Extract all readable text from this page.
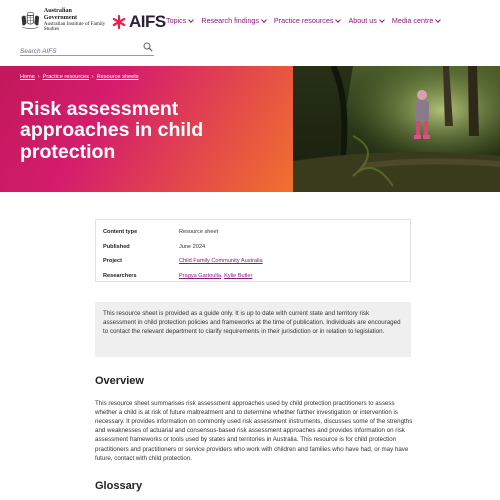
Australian Government
Australian Institute of Family Studies	AIFS Topics Research findings Practice resources About us Media centre
Search AIFS
Home › Practice resources › Resource sheets
Risk assessment approaches in child protection
Content type	Resource sheet
Published	June 2024
Project	Child Family Community Australia
Researchers	Pragya Gartoulla, Kylie Butler
This resource sheet is provided as a guide only. It is up to date with current state and territory risk assessment in child protection policies and frameworks at the time of publication. Individuals are encouraged to contact the relevant department to clarify requirements in their jurisdiction or in relation to legislation.
Overview

This resource sheet summarises risk assessment approaches used by child protection practitioners to assess whether a child is at risk of future maltreatment and to determine whether further investigation or intervention is necessary. It provides information on commonly used risk assessment instruments, discusses some of the strengths and weaknesses of actuarial and consensus-based risk assessment approaches and provides information on risk assessment frameworks or tools used by states and territories in Australia. This resource is for child protection practitioners and practitioners or service providers who work with children and families who have had, or may have future, contact with child protection.

Glossary
